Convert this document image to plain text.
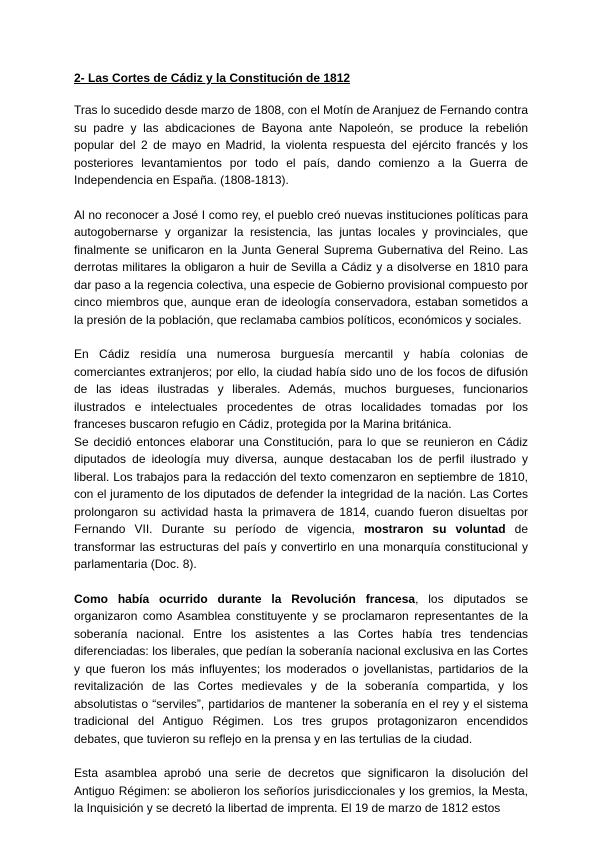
2- Las Cortes de Cádiz y la Constitución de 1812

Tras lo sucedido desde marzo de 1808, con el Motín de Aranjuez de Fernando contra su padre y las abdicaciones de Bayona ante Napoleón, se produce la rebelión popular del 2 de mayo en Madrid, la violenta respuesta del ejército francés y los posteriores levantamientos por todo el país, dando comienzo a la Guerra de Independencia en España. (1808-1813).

Al no reconocer a José I como rey, el pueblo creó nuevas instituciones políticas para autogobernarse y organizar la resistencia, las juntas locales y provinciales, que finalmente se unificaron en la Junta General Suprema Gubernativa del Reino. Las derrotas militares la obligaron a huir de Sevilla a Cádiz y a disolverse en 1810 para dar paso a la regencia colectiva, una especie de Gobierno provisional compuesto por cinco miembros que, aunque eran de ideología conservadora, estaban sometidos a la presión de la población, que reclamaba cambios políticos, económicos y sociales.

En Cádiz residía una numerosa burguesía mercantil y había colonias de comerciantes extranjeros; por ello, la ciudad había sido uno de los focos de difusión de las ideas ilustradas y liberales. Además, muchos burgueses, funcionarios ilustrados e intelectuales procedentes de otras localidades tomadas por los franceses buscaron refugio en Cádiz, protegida por la Marina británica.

Se decidió entonces elaborar una Constitución, para lo que se reunieron en Cádiz diputados de ideología muy diversa, aunque destacaban los de perfil ilustrado y liberal. Los trabajos para la redacción del texto comenzaron en septiembre de 1810, con el juramento de los diputados de defender la integridad de la nación. Las Cortes prolongaron su actividad hasta la primavera de 1814, cuando fueron disueltas por Fernando VII. Durante su período de vigencia, mostraron su voluntad de transformar las estructuras del país y convertirlo en una monarquía constitucional y parlamentaria (Doc. 8).

Como había ocurrido durante la Revolución francesa, los diputados se organizaron como Asamblea constituyente y se proclamaron representantes de la soberanía nacional. Entre los asistentes a las Cortes había tres tendencias diferenciadas: los liberales, que pedían la soberanía nacional exclusiva en las Cortes y que fueron los más influyentes; los moderados o jovellanistas, partidarios de la revitalización de las Cortes medievales y de la soberanía compartida, y los absolutistas o “serviles”, partidarios de mantener la soberanía en el rey y el sistema tradicional del Antiguo Régimen. Los tres grupos protagonizaron encendidos debates, que tuvieron su reflejo en la prensa y en las tertulias de la ciudad.

Esta asamblea aprobó una serie de decretos que significaron la disolución del Antiguo Régimen: se abolieron los señoríos jurisdiccionales y los gremios, la Mesta, la Inquisición y se decretó la libertad de imprenta. El 19 de marzo de 1812 estos
